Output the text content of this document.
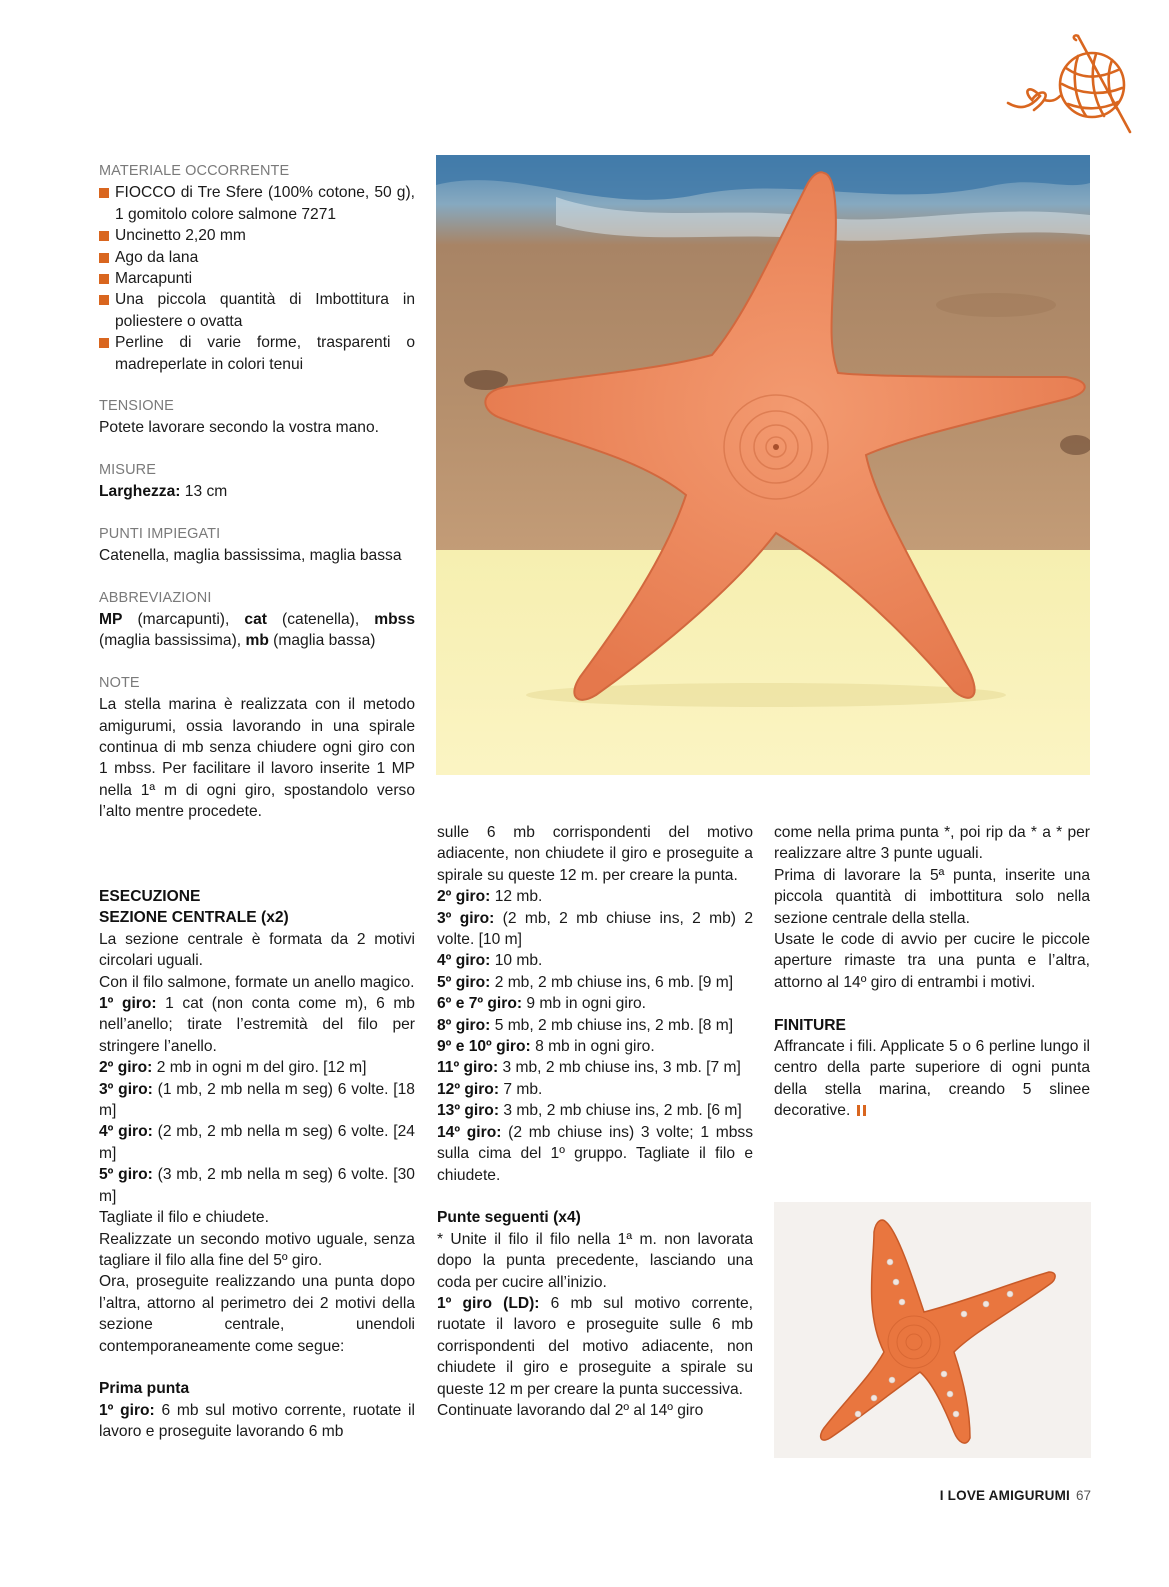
MATERIALE OCCORRENTE
FIOCCO di Tre Sfere (100% cotone, 50 g), 1 gomitolo colore salmone 7271
Uncinetto 2,20 mm
Ago da lana
Marcapunti
Una piccola quantità di Imbottitura in poliestere o ovatta
Perline di varie forme, trasparenti o madreperlate in colori tenui
TENSIONE
Potete lavorare secondo la vostra mano.
MISURE
Larghezza: 13 cm
PUNTI IMPIEGATI
Catenella, maglia bassissima, maglia bassa
ABBREVIAZIONI
MP (marcapunti), cat (catenella), mbss (maglia bassissima), mb (maglia bassa)
NOTE
La stella marina è realizzata con il metodo amigurumi, ossia lavorando in una spirale continua di mb senza chiudere ogni giro con 1 mbss. Per facilitare il lavoro inserite 1 MP nella 1ª m di ogni giro, spostandolo verso l’alto mentre procedete.
ESECUZIONE
SEZIONE CENTRALE (x2)
La sezione centrale è formata da 2 motivi circolari uguali.
Con il filo salmone, formate un anello magico.
1º giro: 1 cat (non conta come m), 6 mb nell’anello; tirate l’estremità del filo per stringere l’anello.
2º giro: 2 mb in ogni m del giro. [12 m]
3º giro: (1 mb, 2 mb nella m seg) 6 volte. [18 m]
4º giro: (2 mb, 2 mb nella m seg) 6 volte. [24 m]
5º giro: (3 mb, 2 mb nella m seg) 6 volte. [30 m]
Tagliate il filo e chiudete.
Realizzate un secondo motivo uguale, senza tagliare il filo alla fine del 5º giro.
Ora, proseguite realizzando una punta dopo l’altra, attorno al perimetro dei 2 motivi della sezione centrale, unendoli contemporaneamente come segue:
Prima punta
1º giro: 6 mb sul motivo corrente, ruotate il lavoro e proseguite lavorando 6 mb
sulle 6 mb corrispondenti del motivo adiacente, non chiudete il giro e proseguite a spirale su queste 12 m. per creare la punta.
2º giro: 12 mb.
3º giro: (2 mb, 2 mb chiuse ins, 2 mb) 2 volte. [10 m]
4º giro: 10 mb.
5º giro: 2 mb, 2 mb chiuse ins, 6 mb. [9 m]
6º e 7º giro: 9 mb in ogni giro.
8º giro: 5 mb, 2 mb chiuse ins, 2 mb. [8 m]
9º e 10º giro: 8 mb in ogni giro.
11º giro: 3 mb, 2 mb chiuse ins, 3 mb. [7 m]
12º giro: 7 mb.
13º giro: 3 mb, 2 mb chiuse ins, 2 mb. [6 m]
14º giro: (2 mb chiuse ins) 3 volte; 1 mbss sulla cima del 1º gruppo. Tagliate il filo e chiudete.
Punte seguenti (x4)
* Unite il filo il filo nella 1ª m. non lavorata dopo la punta precedente, lasciando una coda per cucire all’inizio.
1º giro (LD): 6 mb sul motivo corrente, ruotate il lavoro e proseguite sulle 6 mb corrispondenti del motivo adiacente, non chiudete il giro e proseguite a spirale su queste 12 m per creare la punta successiva.
Continuate lavorando dal 2º al 14º giro
come nella prima punta *, poi rip da * a * per realizzare altre 3 punte uguali.
Prima di lavorare la 5ª punta, inserite una piccola quantità di imbottitura solo nella sezione centrale della stella.
Usate le code di avvio per cucire le piccole aperture rimaste tra una punta e l’altra, attorno al 14º giro di entrambi i motivi.
FINITURE
Affrancate i fili. Applicate 5 o 6 perline lungo il centro della parte superiore di ogni punta della stella marina, creando 5 slinee decorative.
I LOVE AMIGURUMI 67
